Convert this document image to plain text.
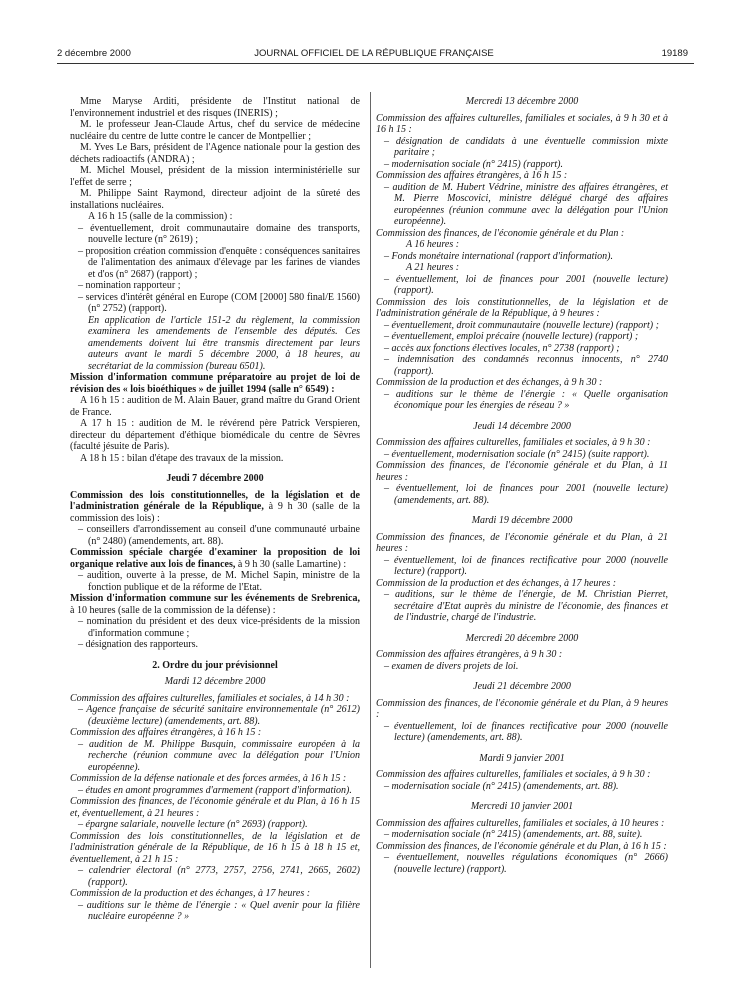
2 décembre 2000	JOURNAL OFFICIEL DE LA RÉPUBLIQUE FRANÇAISE	19189

Mme Maryse Arditi, présidente de l'Institut national de l'environnement industriel et des risques (INERIS) ;

M. le professeur Jean-Claude Artus, chef du service de médecine nucléaire du centre de lutte contre le cancer de Montpellier ;

M. Yves Le Bars, président de l'Agence nationale pour la gestion des déchets radioactifs (ANDRA) ;

M. Michel Mousel, président de la mission interministérielle sur l'effet de serre ;

M. Philippe Saint Raymond, directeur adjoint de la sûreté des installations nucléaires.

A 16 h 15 (salle de la commission) :

– éventuellement, droit communautaire domaine des transports, nouvelle lecture (n° 2619) ;

– proposition création commission d'enquête : conséquences sanitaires de l'alimentation des animaux d'élevage par les farines de viandes et d'os (n° 2687) (rapport) ;

– nomination rapporteur ;

– services d'intérêt général en Europe (COM [2000] 580 final/E 1560) (n° 2752) (rapport).

En application de l'article 151-2 du règlement, la commission examinera les amendements de l'ensemble des députés. Ces amendements doivent lui être transmis directement par leurs auteurs avant le mardi 5 décembre 2000, à 18 heures, au secrétariat de la commission (bureau 6501).

Mission d'information commune préparatoire au projet de loi de révision des « lois bioéthiques » de juillet 1994 (salle n° 6549) :

A 16 h 15 : audition de M. Alain Bauer, grand maître du Grand Orient de France.

A 17 h 15 : audition de M. le révérend père Patrick Verspieren, directeur du département d'éthique biomédicale du centre de Sèvres (faculté jésuite de Paris).

A 18 h 15 : bilan d'étape des travaux de la mission.

Jeudi 7 décembre 2000

Commission des lois constitutionnelles, de la législation et de l'administration générale de la République, à 9 h 30 (salle de la commission des lois) :

– conseillers d'arrondissement au conseil d'une communauté urbaine (n° 2480) (amendements, art. 88).

Commission spéciale chargée d'examiner la proposition de loi organique relative aux lois de finances, à 9 h 30 (salle Lamartine) :

– audition, ouverte à la presse, de M. Michel Sapin, ministre de la fonction publique et de la réforme de l'Etat.

Mission d'information commune sur les événements de Srebrenica, à 10 heures (salle de la commission de la défense) :

– nomination du président et des deux vice-présidents de la mission d'information commune ;

– désignation des rapporteurs.

2. Ordre du jour prévisionnel

Mardi 12 décembre 2000

Commission des affaires culturelles, familiales et sociales, à 14 h 30 :

– Agence française de sécurité sanitaire environnementale (n° 2612) (deuxième lecture) (amendements, art. 88).

Commission des affaires étrangères, à 16 h 15 :

– audition de M. Philippe Busquin, commissaire européen à la recherche (réunion commune avec la délégation pour l'Union européenne).

Commission de la défense nationale et des forces armées, à 16 h 15 :

– études en amont programmes d'armement (rapport d'information).

Commission des finances, de l'économie générale et du Plan, à 16 h 15 et, éventuellement, à 21 heures :

– épargne salariale, nouvelle lecture (n° 2693) (rapport).

Commission des lois constitutionnelles, de la législation et de l'administration générale de la République, de 16 h 15 à 18 h 15 et, éventuellement, à 21 h 15 :

– calendrier électoral (n° 2773, 2757, 2756, 2741, 2665, 2602) (rapport).

Commission de la production et des échanges, à 17 heures :

– auditions sur le thème de l'énergie : « Quel avenir pour la filière nucléaire européenne ? »

Mercredi 13 décembre 2000

Commission des affaires culturelles, familiales et sociales, à 9 h 30 et à 16 h 15 :

– désignation de candidats à une éventuelle commission mixte paritaire ;

– modernisation sociale (n° 2415) (rapport).

Commission des affaires étrangères, à 16 h 15 :

– audition de M. Hubert Védrine, ministre des affaires étrangères, et M. Pierre Moscovici, ministre délégué chargé des affaires européennes (réunion commune avec la délégation pour l'Union européenne).

Commission des finances, de l'économie générale et du Plan :

A 16 heures :

– Fonds monétaire international (rapport d'information).

A 21 heures :

– éventuellement, loi de finances pour 2001 (nouvelle lecture) (rapport).

Commission des lois constitutionnelles, de la législation et de l'administration générale de la République, à 9 heures :

– éventuellement, droit communautaire (nouvelle lecture) (rapport) ;

– éventuellement, emploi précaire (nouvelle lecture) (rapport) ;

– accès aux fonctions électives locales, n° 2738 (rapport) ;

– indemnisation des condamnés reconnus innocents, n° 2740 (rapport).

Commission de la production et des échanges, à 9 h 30 :

– auditions sur le thème de l'énergie : « Quelle organisation économique pour les énergies de réseau ? »

Jeudi 14 décembre 2000

Commission des affaires culturelles, familiales et sociales, à 9 h 30 :

– éventuellement, modernisation sociale (n° 2415) (suite rapport).

Commission des finances, de l'économie générale et du Plan, à 11 heures :

– éventuellement, loi de finances pour 2001 (nouvelle lecture) (amendements, art. 88).

Mardi 19 décembre 2000

Commission des finances, de l'économie générale et du Plan, à 21 heures :

– éventuellement, loi de finances rectificative pour 2000 (nouvelle lecture) (rapport).

Commission de la production et des échanges, à 17 heures :

– auditions, sur le thème de l'énergie, de M. Christian Pierret, secrétaire d'Etat auprès du ministre de l'économie, des finances et de l'industrie, chargé de l'industrie.

Mercredi 20 décembre 2000

Commission des affaires étrangères, à 9 h 30 :

– examen de divers projets de loi.

Jeudi 21 décembre 2000

Commission des finances, de l'économie générale et du Plan, à 9 heures :

– éventuellement, loi de finances rectificative pour 2000 (nouvelle lecture) (amendements, art. 88).

Mardi 9 janvier 2001

Commission des affaires culturelles, familiales et sociales, à 9 h 30 :

– modernisation sociale (n° 2415) (amendements, art. 88).

Mercredi 10 janvier 2001

Commission des affaires culturelles, familiales et sociales, à 10 heures :

– modernisation sociale (n° 2415) (amendements, art. 88, suite).

Commission des finances, de l'économie générale et du Plan, à 16 h 15 :

– éventuellement, nouvelles régulations économiques (n° 2666) (nouvelle lecture) (rapport).
